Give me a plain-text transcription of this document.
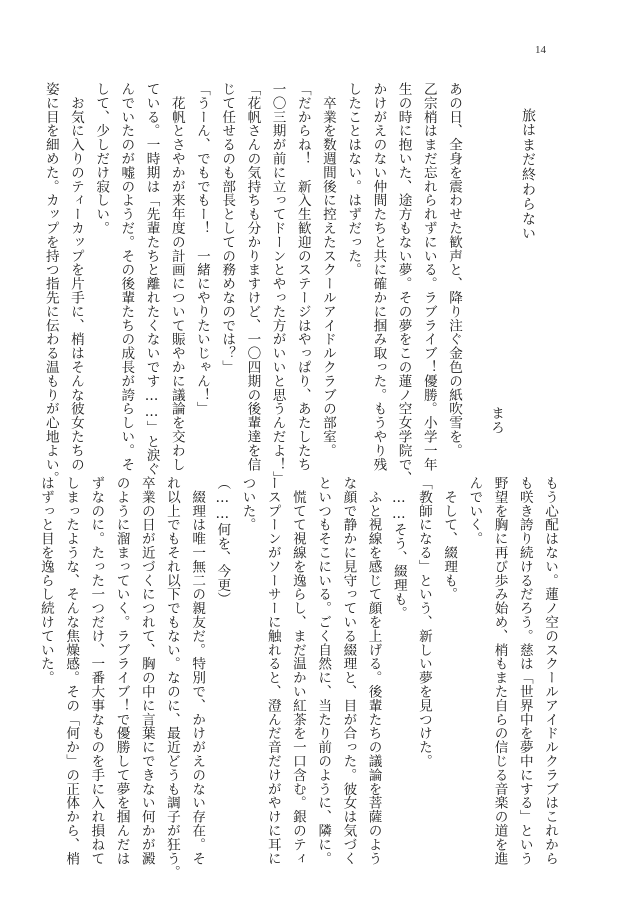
14
旅はまだ終わらない
まろ
あの日、全身を震わせた歓声と、降り注ぐ金色の紙吹雪を。
乙宗梢はまだ忘れられずにいる。ラブライブ！優勝。小学一年
生の時に抱いた、途方もない夢。その夢をこの蓮ノ空女学院で、
かけがえのない仲間たちと共に確かに掴み取った。もうやり残
したことはない。はずだった。
　卒業を数週間後に控えたスクールアイドルクラブの部室。
「だからね！　新入生歓迎のステージはやっぱり、あたしたち
一〇三期が前に立ってドーンとやった方がいいと思うんだよ！」
「花帆さんの気持ちも分かりますけど、一〇四期の後輩達を信
じて任せるのも部長としての務めなのでは？」
「うーん、でもでもー！　一緒にやりたいじゃん！」
　花帆とさやかが来年度の計画について賑やかに議論を交わし
ている。一時期は「先輩たちと離れたくないです……」と涙ぐ
んでいたのが嘘のようだ。その後輩たちの成長が誇らしい。そ
して、少しだけ寂しい。
　お気に入りのティーカップを片手に、梢はそんな彼女たちの
姿に目を細めた。カップを持つ指先に伝わる温もりが心地よい。
もう心配はない。蓮ノ空のスクールアイドルクラブはこれから
も咲き誇り続けるだろう。慈は「世界中を夢中にする」という
野望を胸に再び歩み始め、梢もまた自らの信じる音楽の道を進
んでいく。
　そして、綴理も。
「教師になる」という、新しい夢を見つけた。
　……そう、綴理も。
　ふと視線を感じて顔を上げる。後輩たちの議論を菩薩のよう
な顔で静かに見守っている綴理と、目が合った。彼女は気づく
といつもそこにいる。ごく自然に、当たり前のように、隣に。
　慌てて視線を逸らし、まだ温かい紅茶を一口含む。銀のティ
ースプーンがソーサーに触れると、澄んだ音だけがやけに耳に
ついた。
（……何を、今更）
　綴理は唯一無二の親友だ。特別で、かけがえのない存在。そ
れ以上でもそれ以下でもない。なのに、最近どうも調子が狂う。
卒業の日が近づくにつれて、胸の中に言葉にできない何かが澱
のように溜まっていく。ラブライブ！で優勝して夢を掴んだは
ずなのに。たった一つだけ、一番大事なものを手に入れ損ねて
しまったような、そんな焦燥感。その「何か」の正体から、梢
はずっと目を逸らし続けていた。
